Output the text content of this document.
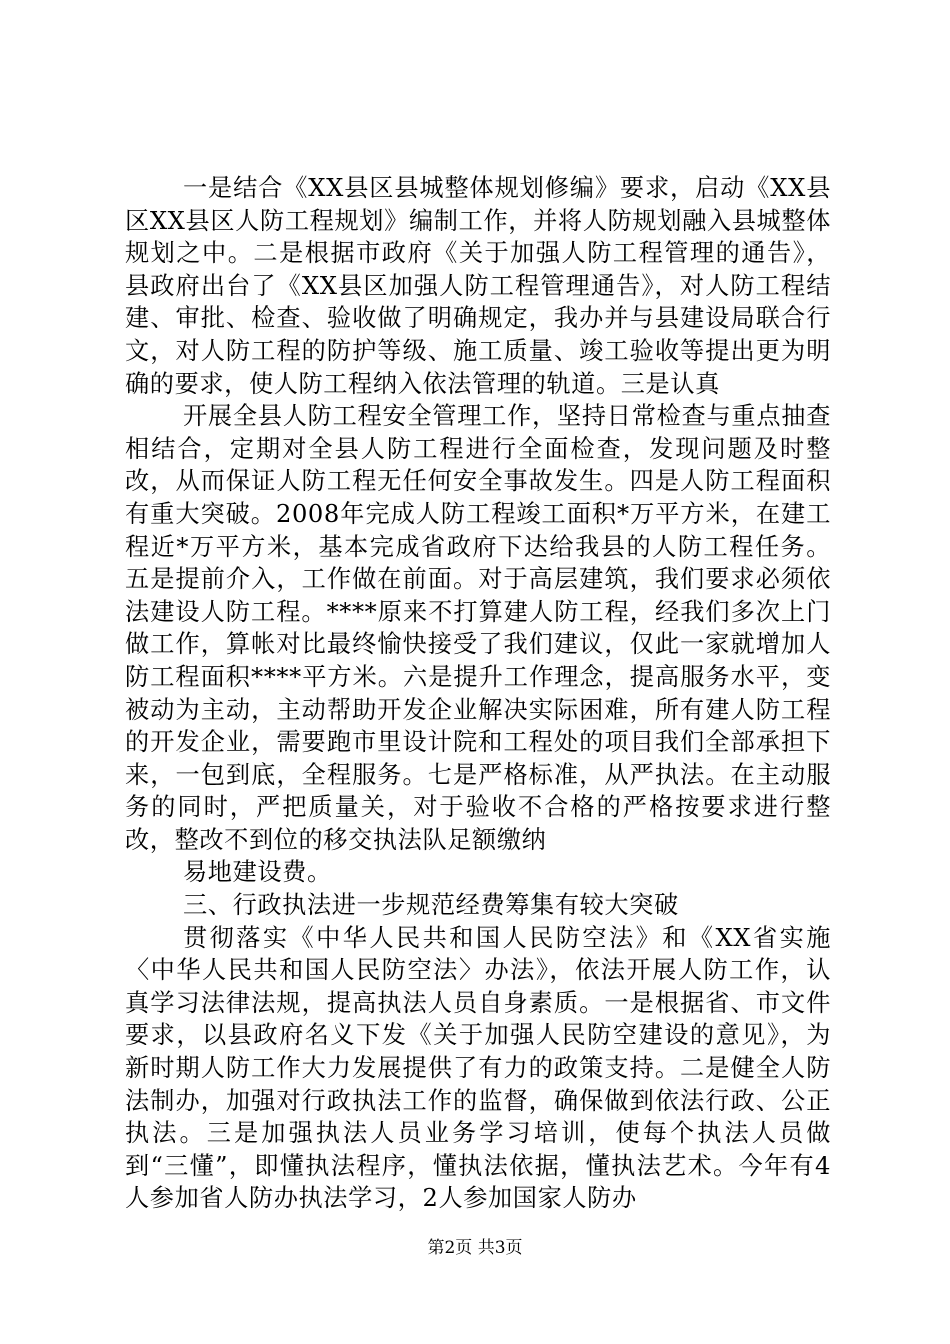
一是结合《XX县区县城整体规划修编》要求，启动《XX县区XX县区人防工程规划》编制工作，并将人防规划融入县城整体规划之中。二是根据市政府《关于加强人防工程管理的通告》，县政府出台了《XX县区加强人防工程管理通告》，对人防工程结建、审批、检查、验收做了明确规定，我办并与县建设局联合行文，对人防工程的防护等级、施工质量、竣工验收等提出更为明确的要求，使人防工程纳入依法管理的轨道。三是认真

开展全县人防工程安全管理工作，坚持日常检查与重点抽查相结合，定期对全县人防工程进行全面检查，发现问题及时整改，从而保证人防工程无任何安全事故发生。四是人防工程面积有重大突破。2008年完成人防工程竣工面积*万平方米，在建工程近*万平方米，基本完成省政府下达给我县的人防工程任务。五是提前介入，工作做在前面。对于高层建筑，我们要求必须依法建设人防工程。****原来不打算建人防工程，经我们多次上门做工作，算帐对比最终愉快接受了我们建议，仅此一家就增加人防工程面积****平方米。六是提升工作理念，提高服务水平，变被动为主动，主动帮助开发企业解决实际困难，所有建人防工程的开发企业，需要跑市里设计院和工程处的项目我们全部承担下来，一包到底，全程服务。七是严格标准，从严执法。在主动服务的同时，严把质量关，对于验收不合格的严格按要求进行整改，整改不到位的移交执法队足额缴纳

易地建设费。

三、行政执法进一步规范经费筹集有较大突破

贯彻落实《中华人民共和国人民防空法》和《XX省实施〈中华人民共和国人民防空法〉办法》，依法开展人防工作，认真学习法律法规，提高执法人员自身素质。一是根据省、市文件要求，以县政府名义下发《关于加强人民防空建设的意见》，为新时期人防工作大力发展提供了有力的政策支持。二是健全人防法制办，加强对行政执法工作的监督，确保做到依法行政、公正执法。三是加强执法人员业务学习培训，使每个执法人员做到“三懂”，即懂执法程序，懂执法依据，懂执法艺术。今年有4人参加省人防办执法学习，2人参加国家人防办

第2页 共3页
